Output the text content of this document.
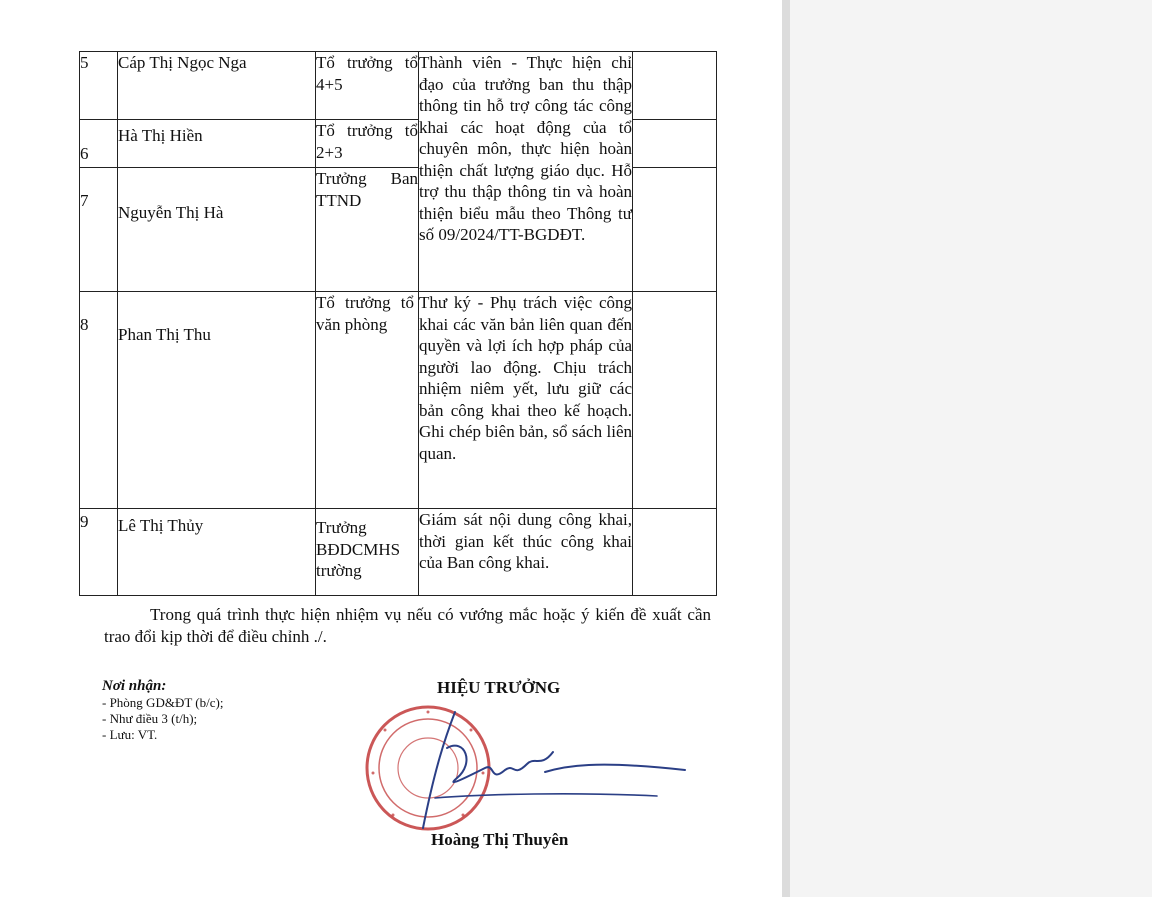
5	Cáp Thị Ngọc Nga	Tổ trưởng tổ 4+5	Thành viên - Thực hiện chỉ đạo của trưởng ban thu thập thông tin hỗ trợ công tác công khai các hoạt động của tổ chuyên môn, thực hiện hoàn thiện chất lượng giáo dục. Hỗ trợ thu thập thông tin và hoàn thiện biểu mẫu theo Thông tư số 09/2024/TT-BGDĐT.	
6	Hà Thị Hiền	Tổ trưởng tổ 2+3		
7	Nguyễn Thị Hà	Trưởng Ban TTND		
8	Phan Thị Thu	Tổ trưởng tổ văn phòng	Thư ký - Phụ trách việc công khai các văn bản liên quan đến quyền và lợi ích hợp pháp của người lao động. Chịu trách nhiệm niêm yết, lưu giữ các bản công khai theo kế hoạch. Ghi chép biên bản, sổ sách liên quan.	
9	Lê Thị Thủy	Trưởng BĐDCMHS trường	Giám sát nội dung công khai, thời gian kết thúc công khai của Ban công khai.	
Trong quá trình thực hiện nhiệm vụ nếu có vướng mắc hoặc ý kiến đề xuất cần trao đổi kịp thời để điều chỉnh ./.
Nơi nhận:
- Phòng GD&ĐT (b/c);
- Như điều 3 (t/h);
- Lưu: VT.
HIỆU TRƯỞNG
Hoàng Thị Thuyên
